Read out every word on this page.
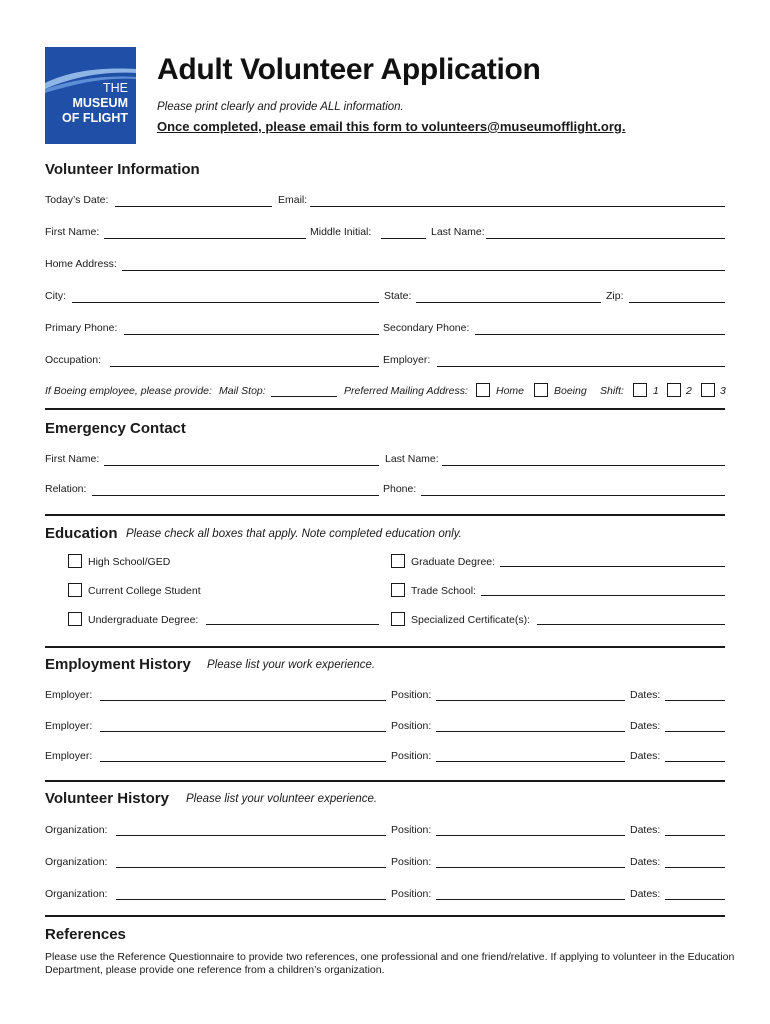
THE
MUSEUM
OF FLIGHT
Adult Volunteer Application
Please print clearly and provide ALL information.
Once completed, please email this form to volunteers@museumofflight.org.
Volunteer Information
Today’s Date:	Email:
First Name:	Middle Initial:	Last Name:
Home Address:
City:	State:	Zip:
Primary Phone:	Secondary Phone:
Occupation:	Employer:
If Boeing employee, please provide: Mail Stop:	Preferred Mailing Address:	Home	Boeing Shift:	1	2	3
Emergency Contact
First Name:	Last Name:
Relation:	Phone:
Education Please check all boxes that apply. Note completed education only.
High School/GED	Graduate Degree:
Current College Student	Trade School:
Undergraduate Degree:	Specialized Certificate(s):
Employment History Please list your work experience.
Employer:	Position:	Dates:
Employer:	Position:	Dates:
Employer:	Position:	Dates:
Volunteer History Please list your volunteer experience.
Organization:	Position:	Dates:
Organization:	Position:	Dates:
Organization:	Position:	Dates:
References
Please use the Reference Questionnaire to provide two references, one professional and one friend/relative. If applying to volunteer in the Education Department, please provide one reference from a children’s organization.
